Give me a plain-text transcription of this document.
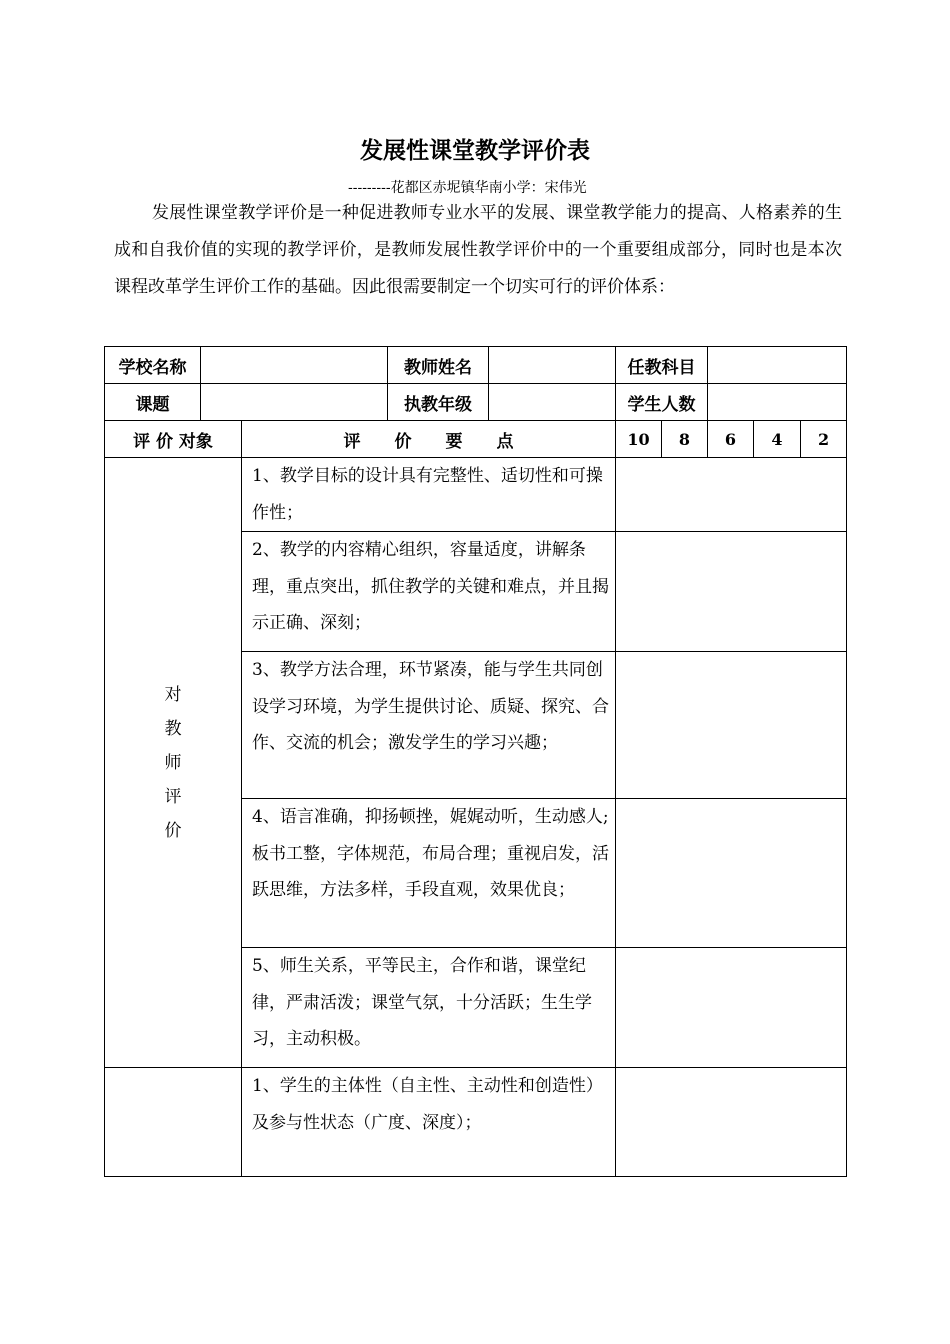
发展性课堂教学评价表
---------花都区赤坭镇华南小学：宋伟光

发展性课堂教学评价是一种促进教师专业水平的发展、课堂教学能力的提高、人格素养的生成和自我价值的实现的教学评价，是教师发展性教学评价中的一个重要组成部分，同时也是本次课程改革学生评价工作的基础。因此很需要制定一个切实可行的评价体系：

学校名称			教师姓名		任教科目				
课题			执教年级		学生人数				
评 价 对象		评　　价　　要　　点			10	8	6	4	2

对
教
师
评
价		1、教学目标的设计具有完整性、适切性和可操作性；							
		2、教学的内容精心组织，容量适度，讲解条理，重点突出，抓住教学的关键和难点，并且揭示正确、深刻；							
		3、教学方法合理，环节紧凑，能与学生共同创设学习环境，为学生提供讨论、质疑、探究、合作、交流的机会；激发学生的学习兴趣；							
		4、语言准确，抑扬顿挫，娓娓动听，生动感人;板书工整，字体规范，布局合理；重视启发，活跃思维，方法多样，手段直观，效果优良；							
		5、师生关系，平等民主，合作和谐，课堂纪律，严肃活泼；课堂气氛，十分活跃；生生学习，主动积极。							
		1、学生的主体性（自主性、主动性和创造性）及参与性状态（广度、深度）；							
